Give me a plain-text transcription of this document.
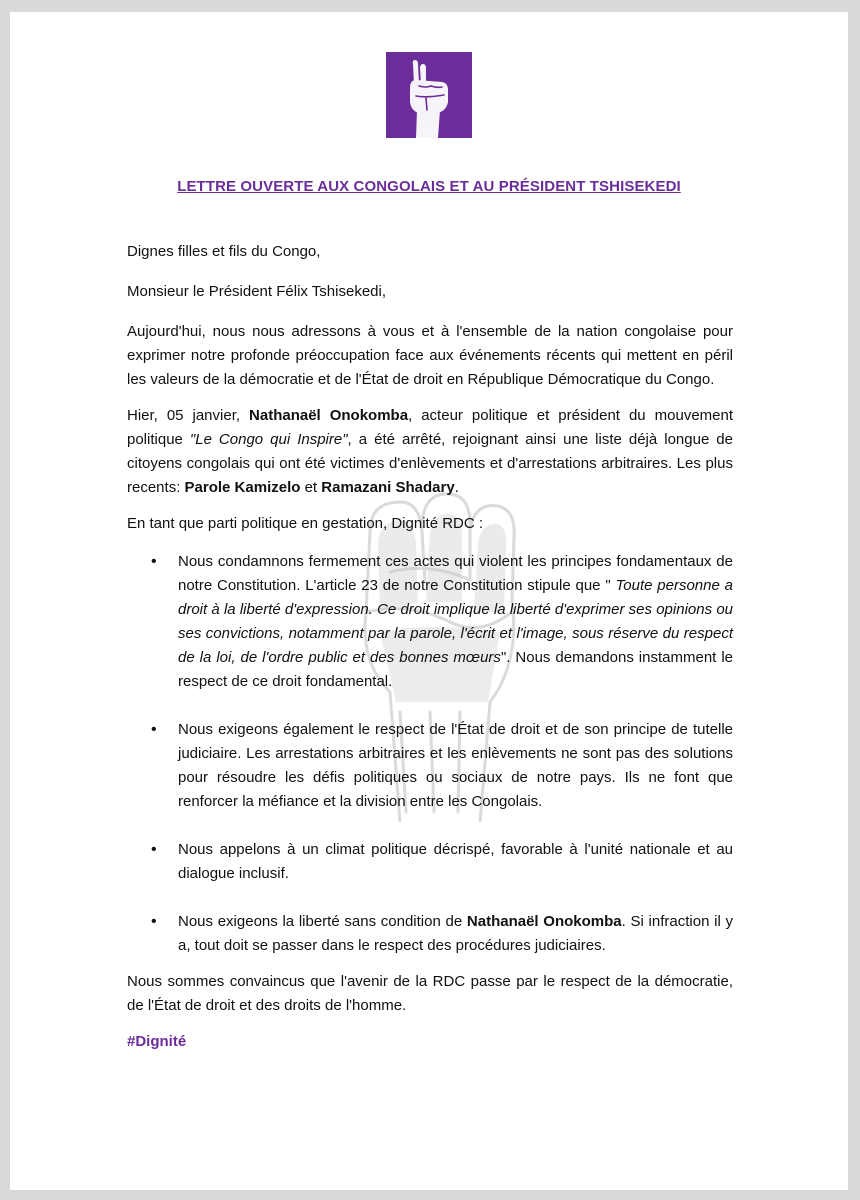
LETTRE OUVERTE AUX CONGOLAIS ET AU PRÉSIDENT TSHISEKEDI

Dignes filles et fils du Congo,

Monsieur le Président Félix Tshisekedi,

Aujourd'hui, nous nous adressons à vous et à l'ensemble de la nation congolaise pour exprimer notre profonde préoccupation face aux événements récents qui mettent en péril les valeurs de la démocratie et de l'État de droit en République Démocratique du Congo.

Hier, 05 janvier, Nathanaël Onokomba, acteur politique et président du mouvement politique "Le Congo qui Inspire", a été arrêté, rejoignant ainsi une liste déjà longue de citoyens congolais qui ont été victimes d'enlèvements et d'arrestations arbitraires. Les plus recents: Parole Kamizelo et Ramazani Shadary.

En tant que parti politique en gestation, Dignité RDC :

• Nous condamnons fermement ces actes qui violent les principes fondamentaux de notre Constitution. L'article 23 de notre Constitution stipule que " Toute personne a droit à la liberté d'expression. Ce droit implique la liberté d'exprimer ses opinions ou ses convictions, notamment par la parole, l'écrit et l'image, sous réserve du respect de la loi, de l'ordre public et des bonnes mœurs". Nous demandons instamment le respect de ce droit fondamental.
• Nous exigeons également le respect de l'État de droit et de son principe de tutelle judiciaire. Les arrestations arbitraires et les enlèvements ne sont pas des solutions pour résoudre les défis politiques ou sociaux de notre pays. Ils ne font que renforcer la méfiance et la division entre les Congolais.
• Nous appelons à un climat politique décrispé, favorable à l'unité nationale et au dialogue inclusif.
• Nous exigeons la liberté sans condition de Nathanaël Onokomba. Si infraction il y a, tout doit se passer dans le respect des procédures judiciaires.

Nous sommes convaincus que l'avenir de la RDC passe par le respect de la démocratie, de l'État de droit et des droits de l'homme.

#Dignité
